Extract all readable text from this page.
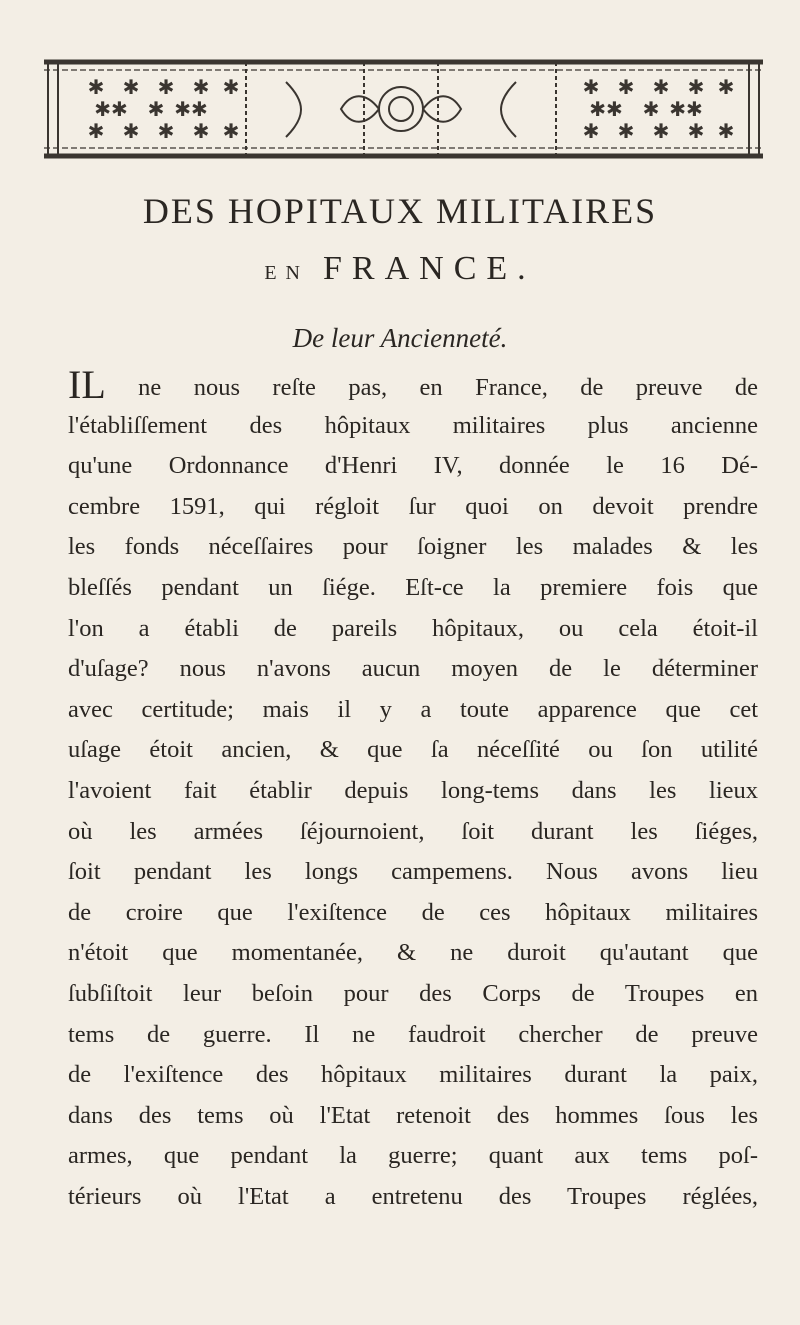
✱ ✱ ✱ ✱ ✱
✱✱ ✱ ✱✱
✱ ✱ ✱ ✱ ✱
✱ ✱ ✱ ✱ ✱
✱✱ ✱ ✱✱
✱ ✱ ✱ ✱ ✱
DES HOPITAUX MILITAIRES
EN FRANCE.
De leur Ancienneté.
IL ne nous reſte pas, en France, de preuve de
l'établiſſement des hôpitaux militaires plus ancienne
qu'une Ordonnance d'Henri IV, donnée le 16 Dé-
cembre 1591, qui régloit ſur quoi on devoit prendre
les fonds néceſſaires pour ſoigner les malades & les
bleſſés pendant un ſiége. Eſt-ce la premiere fois que
l'on a établi de pareils hôpitaux, ou cela étoit-il
d'uſage? nous n'avons aucun moyen de le déterminer
avec certitude; mais il y a toute apparence que cet
uſage étoit ancien, & que ſa néceſſité ou ſon utilité
l'avoient fait établir depuis long-tems dans les lieux
où les armées ſéjournoient, ſoit durant les ſiéges,
ſoit pendant les longs campemens. Nous avons lieu
de croire que l'exiſtence de ces hôpitaux militaires
n'étoit que momentanée, & ne duroit qu'autant que
ſubſiſtoit leur beſoin pour des Corps de Troupes en
tems de guerre. Il ne faudroit chercher de preuve
de l'exiſtence des hôpitaux militaires durant la paix,
dans des tems où l'Etat retenoit des hommes ſous les
armes, que pendant la guerre; quant aux tems poſ-
térieurs où l'Etat a entretenu des Troupes réglées,
